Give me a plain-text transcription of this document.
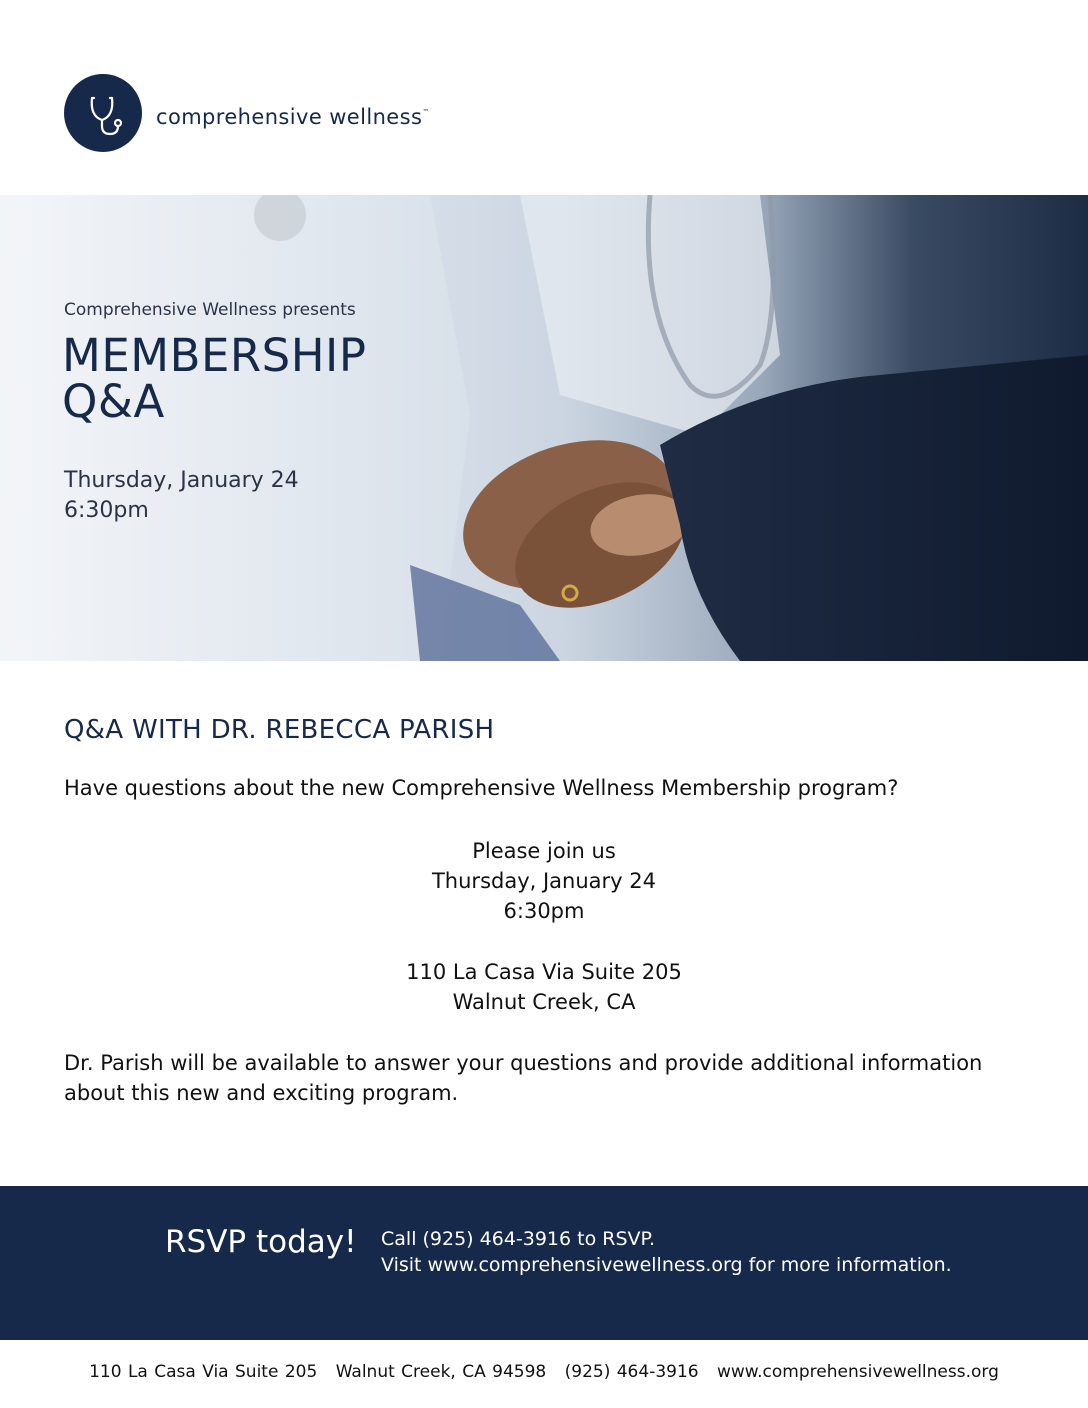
comprehensive wellness™
Comprehensive Wellness presents
MEMBERSHIP
Q&A
Thursday, January 24
6:30pm
Q&A WITH DR. REBECCA PARISH
Have questions about the new Comprehensive Wellness Membership program?
Please join us
Thursday, January 24
6:30pm
110 La Casa Via Suite 205
Walnut Creek, CA
Dr. Parish will be available to answer your questions and provide additional information about this new and exciting program.
RSVP today! Call (925) 464-3916 to RSVP.
Visit www.comprehensivewellness.org for more information.
110 La Casa Via Suite 205 Walnut Creek, CA 94598 (925) 464-3916 www.comprehensivewellness.org
